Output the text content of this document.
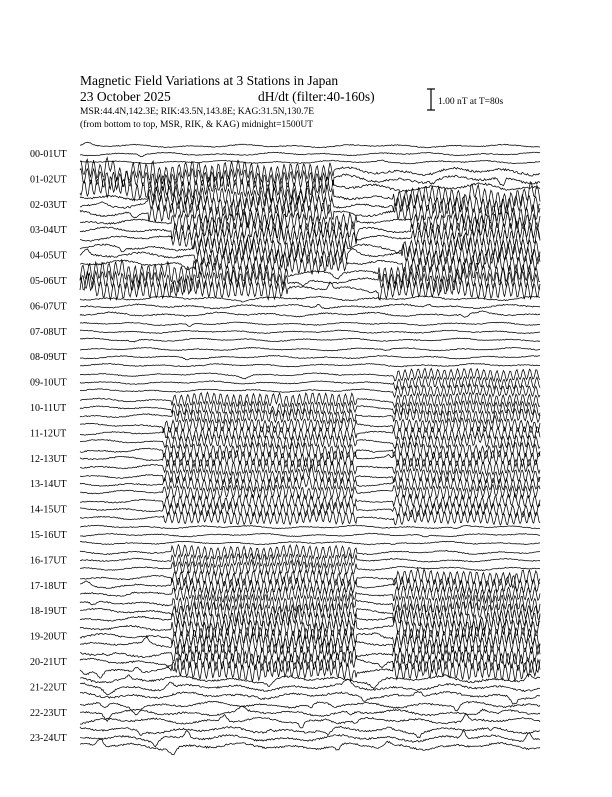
Magnetic Field Variations at 3 Stations in Japan
23 October 2025	dH/dt (filter:40-160s)
MSR:44.4N,142.3E; RIK:43.5N,143.8E; KAG:31.5N,130.7E
(from bottom to top, MSR, RIK, & KAG) midnight=1500UT
1.00 nT at T=80s
00-01UT
01-02UT
02-03UT
03-04UT
04-05UT
05-06UT
06-07UT
07-08UT
08-09UT
09-10UT
10-11UT
11-12UT
12-13UT
13-14UT
14-15UT
15-16UT
16-17UT
17-18UT
18-19UT
19-20UT
20-21UT
21-22UT
22-23UT
23-24UT
